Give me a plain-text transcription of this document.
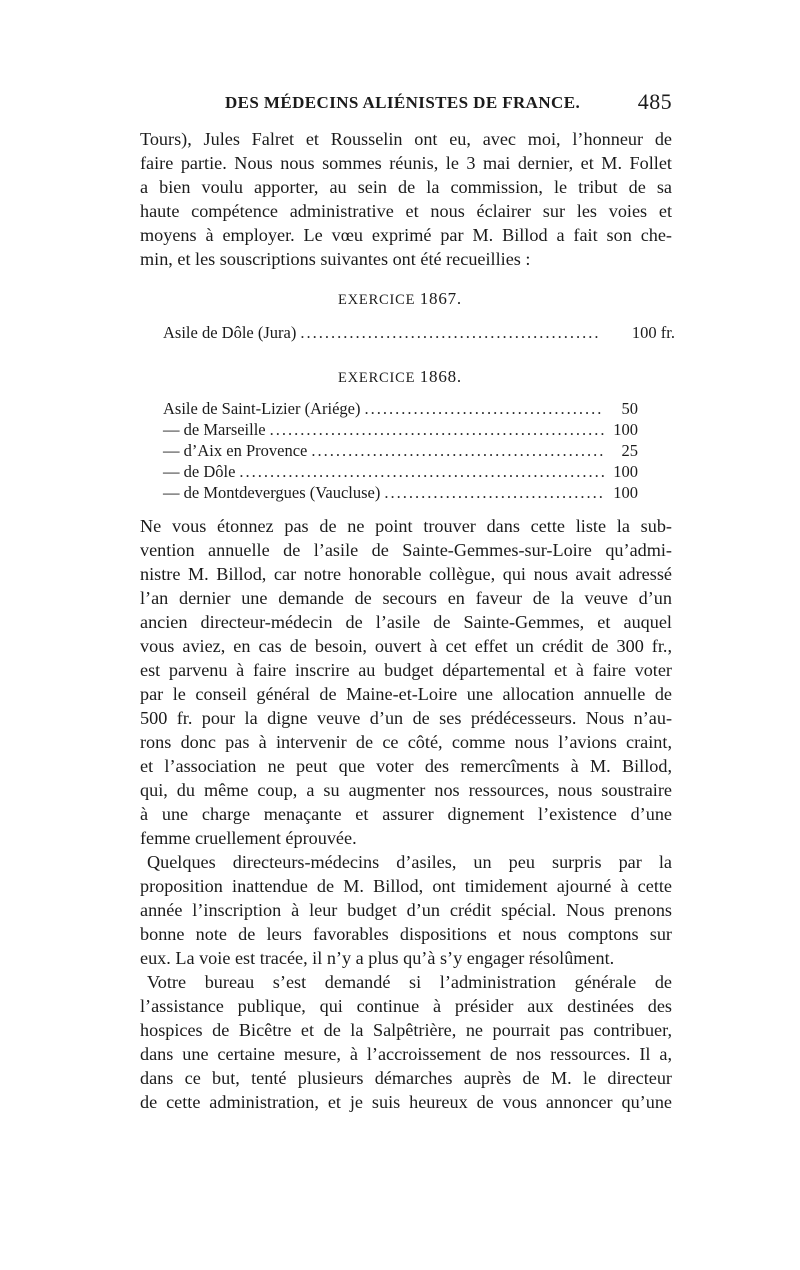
DES MÉDECINS ALIÉNISTES DE FRANCE.	485
Tours), Jules Falret et Rousselin ont eu, avec moi, l’honneur de
faire partie. Nous nous sommes réunis, le 3 mai dernier, et M. Follet
a bien voulu apporter, au sein de la commission, le tribut de sa
haute compétence administrative et nous éclairer sur les voies et
moyens à employer. Le vœu exprimé par M. Billod a fait son che-
min, et les souscriptions suivantes ont été recueillies :
EXERCICE 1867.
Asile de Dôle (Jura) .....	100 fr.
EXERCICE 1868.
Asile de Saint-Lizier (Ariége) .....	50
— de Marseille .....	100
— d’Aix en Provence .....	25
— de Dôle .....	100
— de Montdevergues (Vaucluse) .....	100
Ne vous étonnez pas de ne point trouver dans cette liste la sub-
vention annuelle de l’asile de Sainte-Gemmes-sur-Loire qu’admi-
nistre M. Billod, car notre honorable collègue, qui nous avait adressé
l’an dernier une demande de secours en faveur de la veuve d’un
ancien directeur-médecin de l’asile de Sainte-Gemmes, et auquel
vous aviez, en cas de besoin, ouvert à cet effet un crédit de 300 fr.,
est parvenu à faire inscrire au budget départemental et à faire voter
par le conseil général de Maine-et-Loire une allocation annuelle de
500 fr. pour la digne veuve d’un de ses prédécesseurs. Nous n’au-
rons donc pas à intervenir de ce côté, comme nous l’avions craint,
et l’association ne peut que voter des remercîments à M. Billod,
qui, du même coup, a su augmenter nos ressources, nous soustraire
à une charge menaçante et assurer dignement l’existence d’une
femme cruellement éprouvée.
Quelques directeurs-médecins d’asiles, un peu surpris par la
proposition inattendue de M. Billod, ont timidement ajourné à cette
année l’inscription à leur budget d’un crédit spécial. Nous prenons
bonne note de leurs favorables dispositions et nous comptons sur
eux. La voie est tracée, il n’y a plus qu’à s’y engager résolûment.
Votre bureau s’est demandé si l’administration générale de
l’assistance publique, qui continue à présider aux destinées des
hospices de Bicêtre et de la Salpêtrière, ne pourrait pas contribuer,
dans une certaine mesure, à l’accroissement de nos ressources. Il a,
dans ce but, tenté plusieurs démarches auprès de M. le directeur
de cette administration, et je suis heureux de vous annoncer qu’une
